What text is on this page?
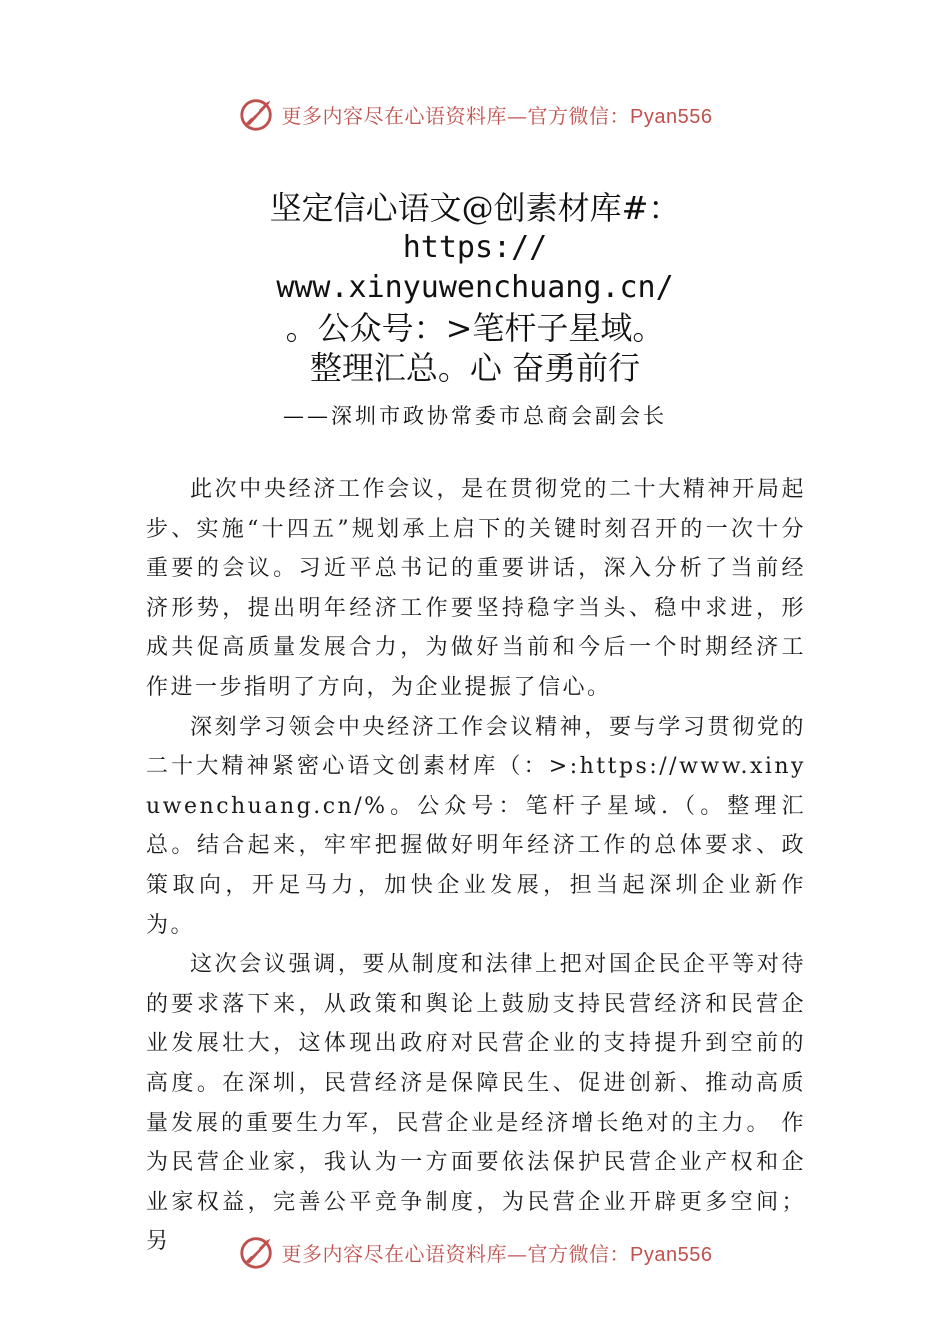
更多内容尽在心语资料库—官方微信：Pyan556
坚定信心语文@创素材库#：
https://
www.xinyuwenchuang.cn/
。公众号：>笔杆子星域。
整理汇总。心 奋勇前行
——深圳市政协常委市总商会副会长

此次中央经济工作会议，是在贯彻党的二十大精神开局起步、实施“十四五”规划承上启下的关键时刻召开的一次十分重要的会议。习近平总书记的重要讲话，深入分析了当前经济形势，提出明年经济工作要坚持稳字当头、稳中求进，形成共促高质量发展合力，为做好当前和今后一个时期经济工作进一步指明了方向，为企业提振了信心。

深刻学习领会中央经济工作会议精神，要与学习贯彻党的二十大精神紧密心语文创素材库（：>:https://www.xinyuwenchuang.cn/%。公众号：笔杆子星域.（。整理汇总。结合起来，牢牢把握做好明年经济工作的总体要求、政策取向，开足马力，加快企业发展，担当起深圳企业新作为。

这次会议强调，要从制度和法律上把对国企民企平等对待的要求落下来，从政策和舆论上鼓励支持民营经济和民营企业发展壮大，这体现出政府对民营企业的支持提升到空前的高度。在深圳，民营经济是保障民生、促进创新、推动高质量发展的重要生力军，民营企业是经济增长绝对的主力。 作为民营企业家，我认为一方面要依法保护民营企业产权和企业家权益，完善公平竞争制度，为民营企业开辟更多空间； 另	更多内容尽在心语资料库—官方微信：Pyan556
